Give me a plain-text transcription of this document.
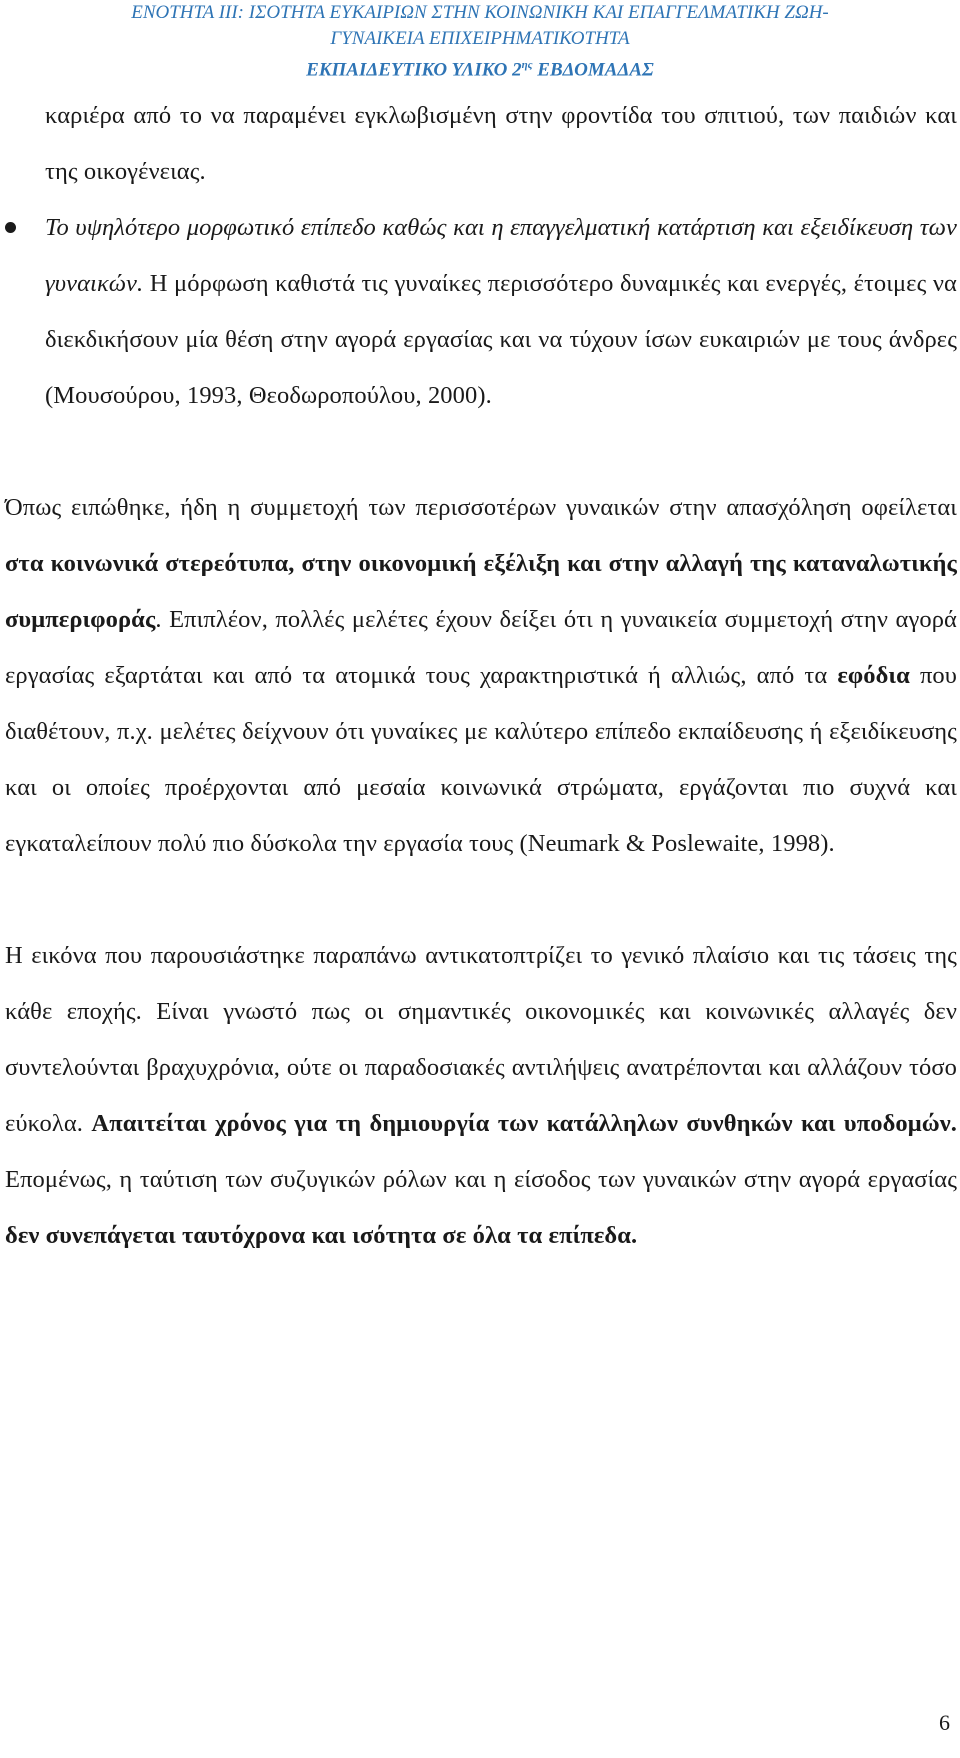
ΕΝΟΤΗΤΑ ΙΙΙ: ΙΣΟΤΗΤΑ ΕΥΚΑΙΡΙΩΝ ΣΤΗΝ ΚΟΙΝΩΝΙΚΗ ΚΑΙ ΕΠΑΓΓΕΛΜΑΤΙΚΗ ΖΩΗ-
ΓΥΝΑΙΚΕΙΑ ΕΠΙΧΕΙΡΗΜΑΤΙΚΟΤΗΤΑ
ΕΚΠΑΙΔΕΥΤΙΚΟ ΥΛΙΚΟ $2^{\eta\varsigma}$ ΕΒΔΟΜΑΔΑΣ

καριέρα από το να παραμένει εγκλωβισμένη στην φροντίδα του σπιτιού, των παιδιών και της οικογένειας.

Το υψηλότερο μορφωτικό επίπεδο καθώς και η επαγγελματική κατάρτιση και εξειδίκευση των γυναικών. Η μόρφωση καθιστά τις γυναίκες περισσότερο δυναμικές και ενεργές, έτοιμες να διεκδικήσουν μία θέση στην αγορά εργασίας και να τύχουν ίσων ευκαιριών με τους άνδρες (Μουσούρου, 1993, Θεοδωροπούλου, 2000).

Όπως ειπώθηκε, ήδη η συμμετοχή των περισσοτέρων γυναικών στην απασχόληση οφείλεται στα κοινωνικά στερεότυπα, στην οικονομική εξέλιξη και στην αλλαγή της καταναλωτικής συμπεριφοράς. Επιπλέον, πολλές μελέτες έχουν δείξει ότι η γυναικεία συμμετοχή στην αγορά εργασίας εξαρτάται και από τα ατομικά τους χαρακτηριστικά ή αλλιώς, από τα εφόδια που διαθέτουν, π.χ. μελέτες δείχνουν ότι γυναίκες με καλύτερο επίπεδο εκπαίδευσης ή εξειδίκευσης και οι οποίες προέρχονται από μεσαία κοινωνικά στρώματα, εργάζονται πιο συχνά και εγκαταλείπουν πολύ πιο δύσκολα την εργασία τους (Neumark & Poslewaite, 1998).

Η εικόνα που παρουσιάστηκε παραπάνω αντικατοπτρίζει το γενικό πλαίσιο και τις τάσεις της κάθε εποχής. Είναι γνωστό πως οι σημαντικές οικονομικές και κοινωνικές αλλαγές δεν συντελούνται βραχυχρόνια, ούτε οι παραδοσιακές αντιλήψεις ανατρέπονται και αλλάζουν τόσο εύκολα. Απαιτείται χρόνος για τη δημιουργία των κατάλληλων συνθηκών και υποδομών. Επομένως, η ταύτιση των συζυγικών ρόλων και η είσοδος των γυναικών στην αγορά εργασίας δεν συνεπάγεται ταυτόχρονα και ισότητα σε όλα τα επίπεδα.

6
